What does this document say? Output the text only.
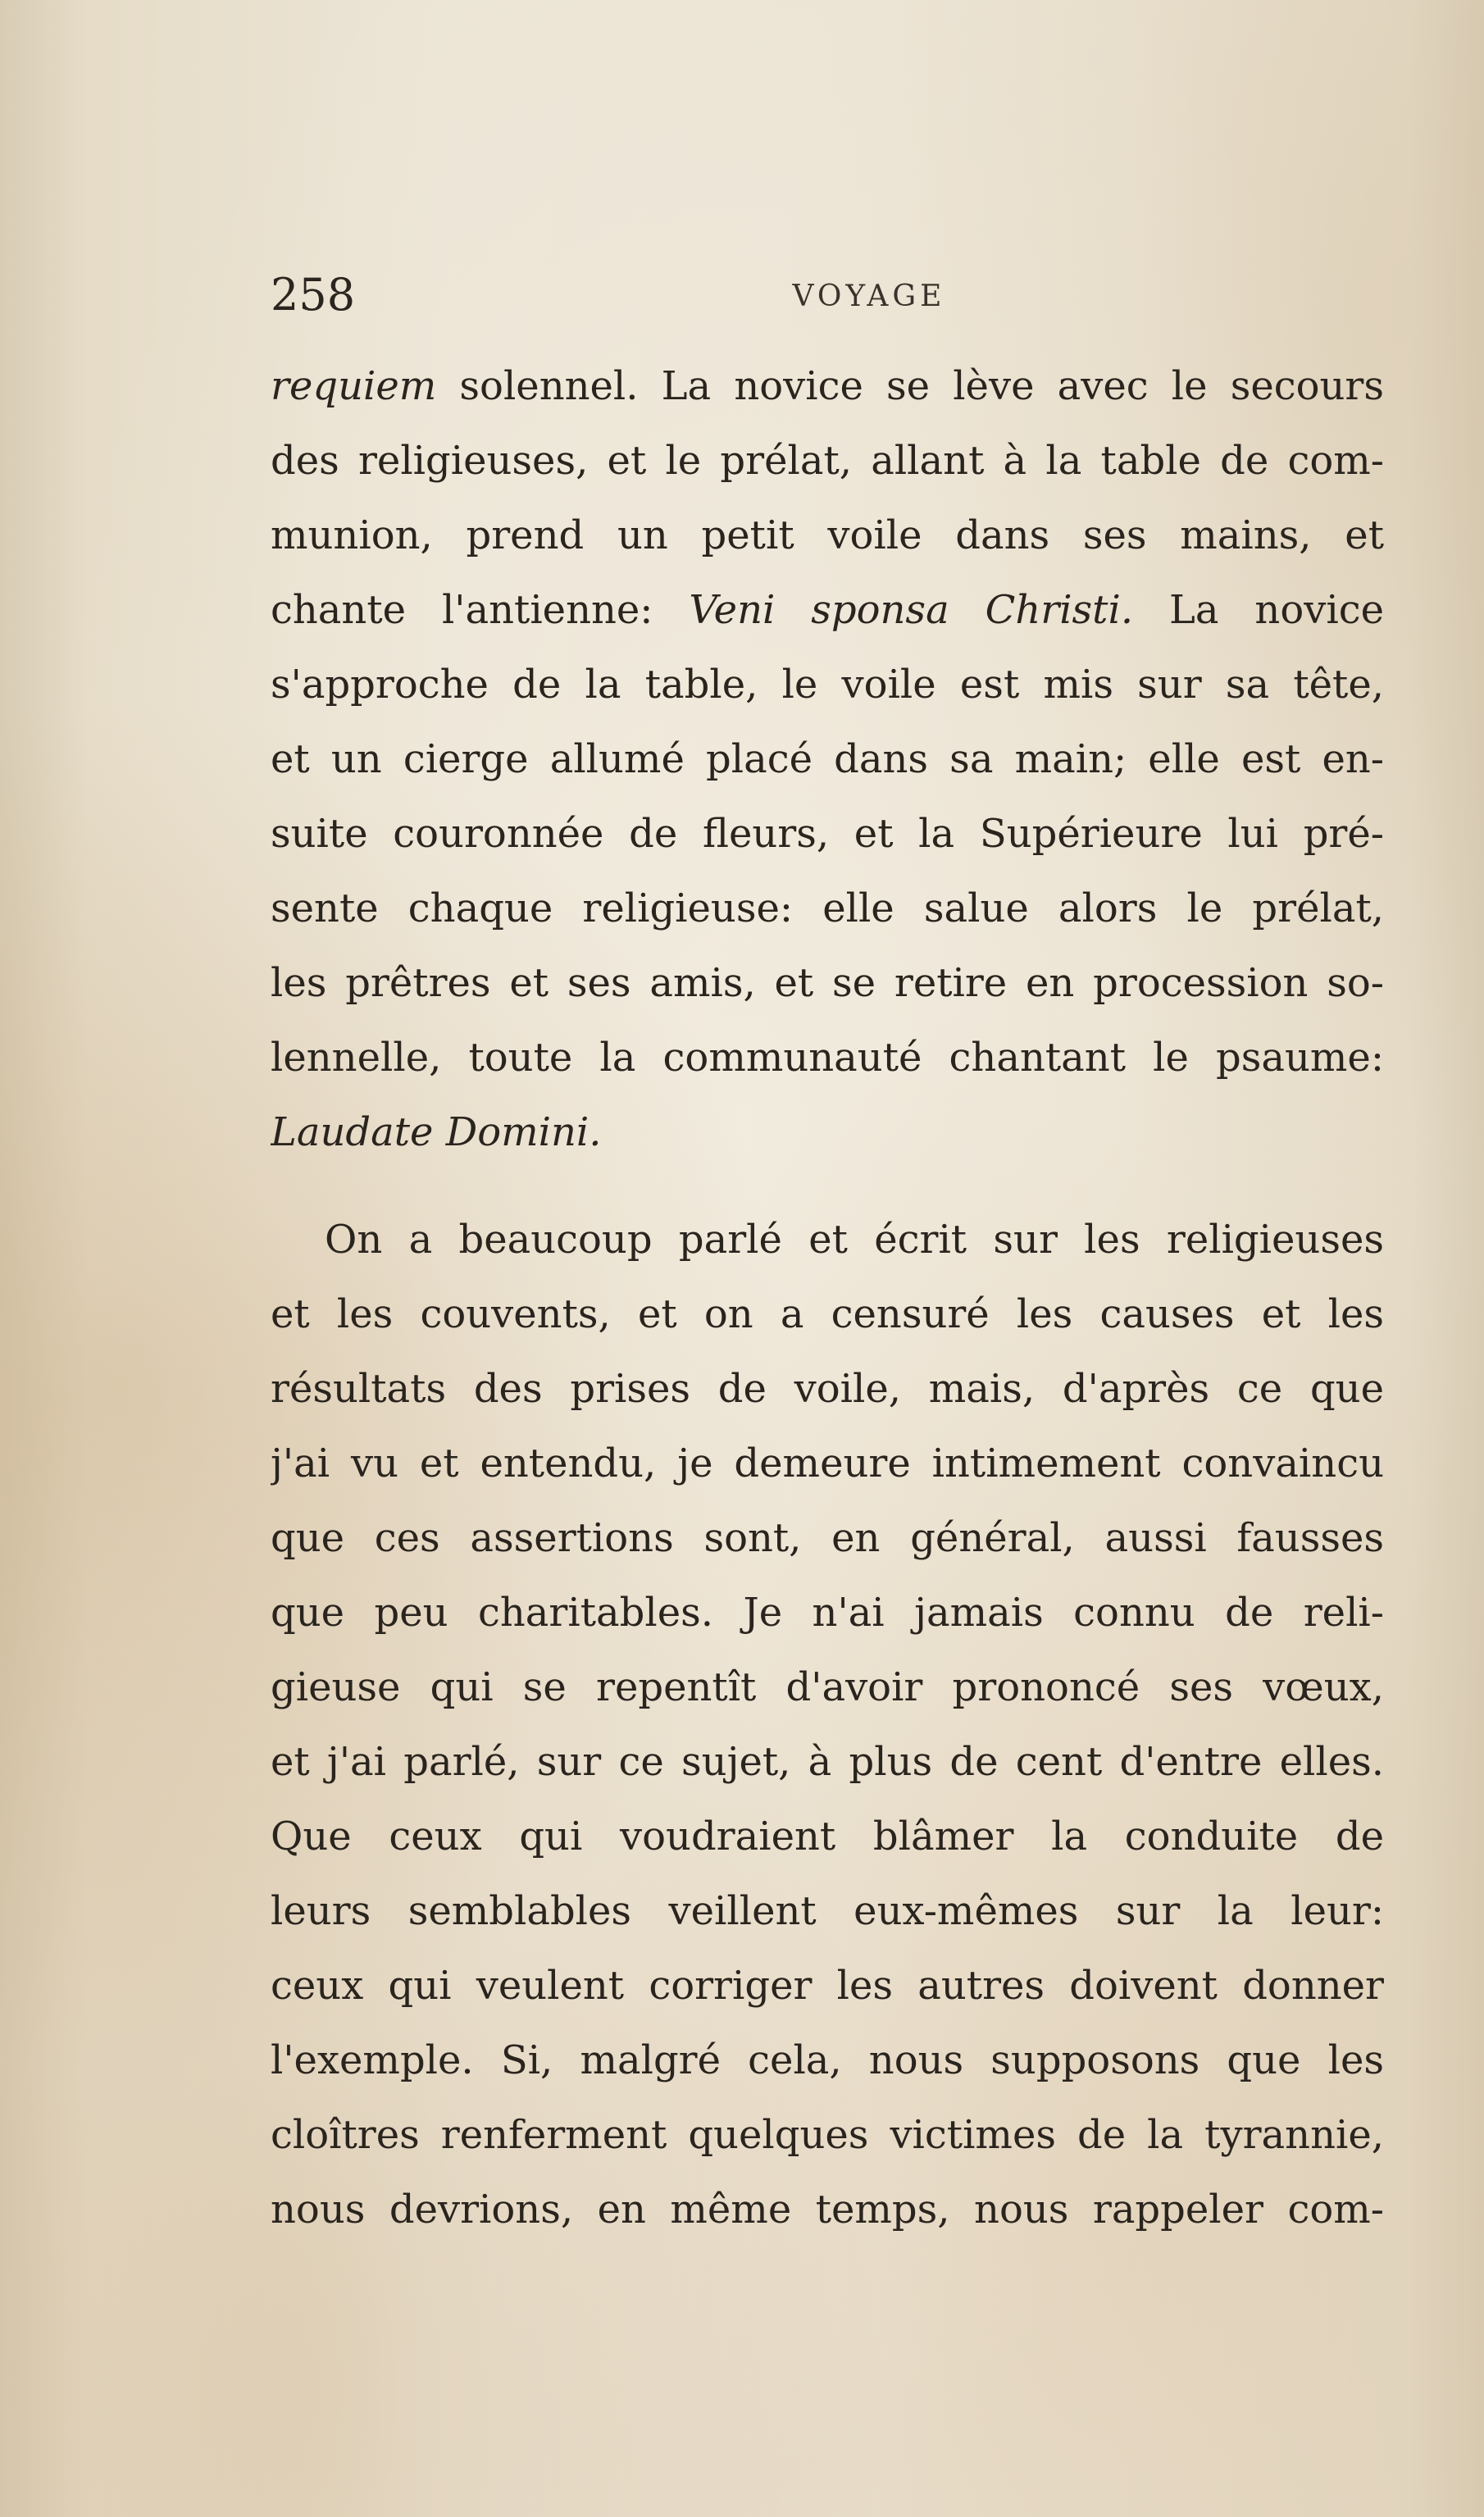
258	VOYAGE
requiem solennel. La novice se lève avec le secours
des religieuses, et le prélat, allant à la table de com-
munion, prend un petit voile dans ses mains, et
chante l'antienne: Veni sponsa Christi. La novice
s'approche de la table, le voile est mis sur sa tête,
et un cierge allumé placé dans sa main; elle est en-
suite couronnée de fleurs, et la Supérieure lui pré-
sente chaque religieuse: elle salue alors le prélat,
les prêtres et ses amis, et se retire en procession so-
lennelle, toute la communauté chantant le psaume:
Laudate Domini.
On a beaucoup parlé et écrit sur les religieuses
et les couvents, et on a censuré les causes et les
résultats des prises de voile, mais, d'après ce que
j'ai vu et entendu, je demeure intimement convaincu
que ces assertions sont, en général, aussi fausses
que peu charitables. Je n'ai jamais connu de reli-
gieuse qui se repentît d'avoir prononcé ses vœux,
et j'ai parlé, sur ce sujet, à plus de cent d'entre elles.
Que ceux qui voudraient blâmer la conduite de
leurs semblables veillent eux-mêmes sur la leur:
ceux qui veulent corriger les autres doivent donner
l'exemple. Si, malgré cela, nous supposons que les
cloîtres renferment quelques victimes de la tyrannie,
nous devrions, en même temps, nous rappeler com-
